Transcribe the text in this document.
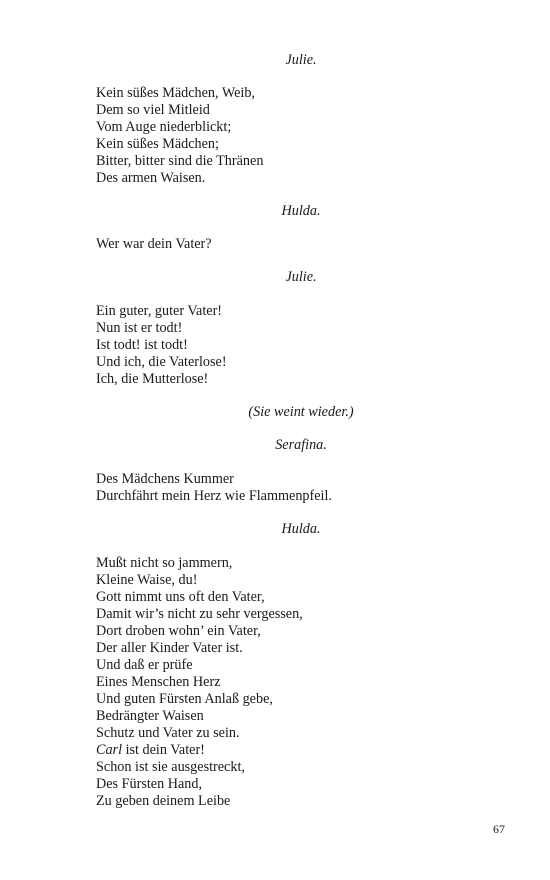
Julie.

Kein süßes Mädchen, Weib,
Dem so viel Mitleid
Vom Auge niederblickt;
Kein süßes Mädchen;
Bitter, bitter sind die Thränen
Des armen Waisen.

Hulda.

Wer war dein Vater?

Julie.

Ein guter, guter Vater!
Nun ist er todt!
Ist todt! ist todt!
Und ich, die Vaterlose!
Ich, die Mutterlose!

(Sie weint wieder.)

Serafina.

Des Mädchens Kummer
Durchfährt mein Herz wie Flammenpfeil.

Hulda.

Mußt nicht so jammern,
Kleine Waise, du!
Gott nimmt uns oft den Vater,
Damit wir’s nicht zu sehr vergessen,
Dort droben wohn’ ein Vater,
Der aller Kinder Vater ist.
Und daß er prüfe
Eines Menschen Herz
Und guten Fürsten Anlaß gebe,
Bedrängter Waisen
Schutz und Vater zu sein.
Carl ist dein Vater!
Schon ist sie ausgestreckt,
Des Fürsten Hand,
Zu geben deinem Leibe

67
